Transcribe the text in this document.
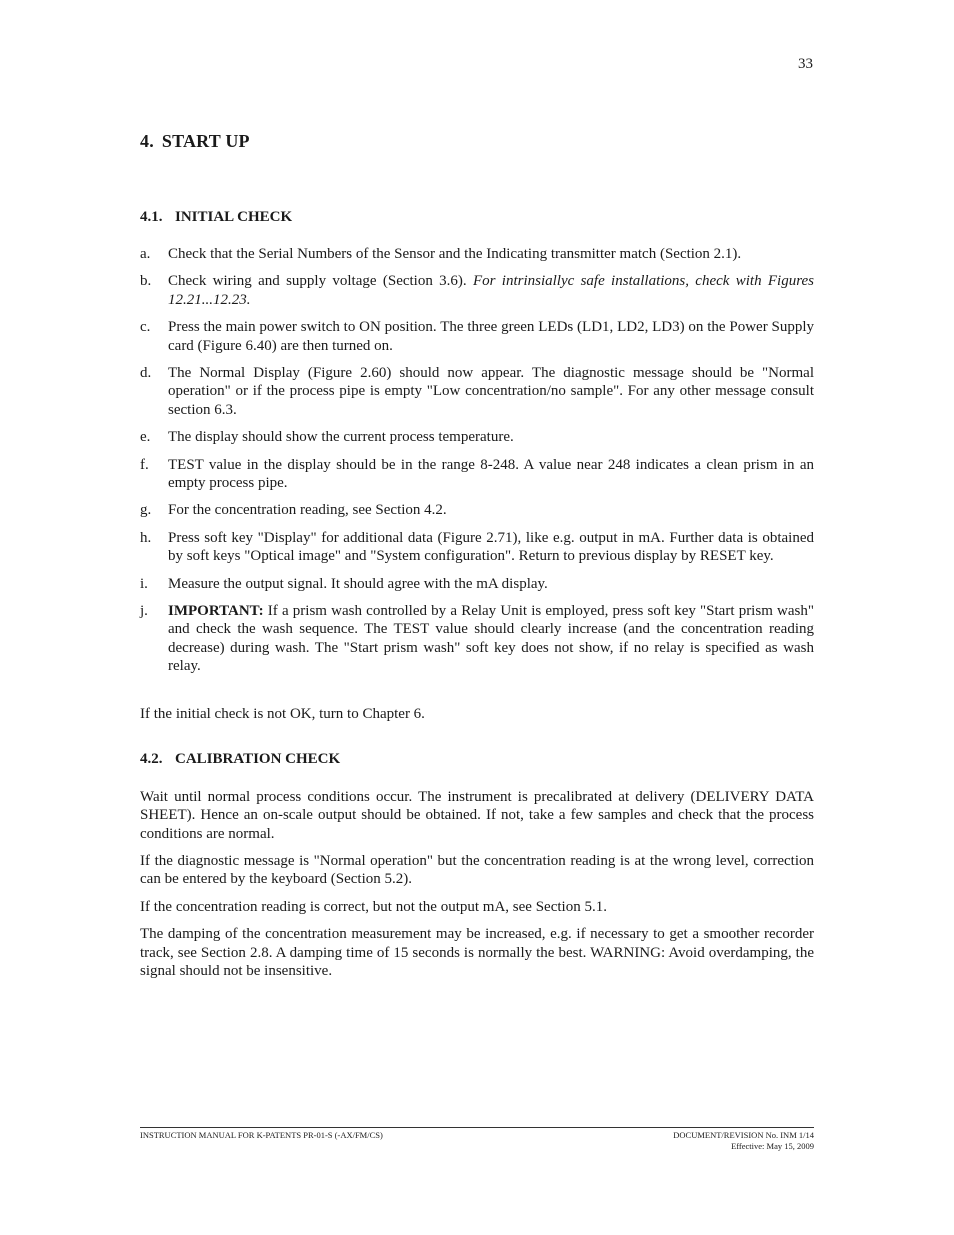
33
4. START UP
4.1. INITIAL CHECK
a. Check that the Serial Numbers of the Sensor and the Indicating transmitter match (Section 2.1).
b. Check wiring and supply voltage (Section 3.6). For intrinsiallyc safe installations, check with Figures 12.21...12.23.
c. Press the main power switch to ON position. The three green LEDs (LD1, LD2, LD3) on the Power Supply card (Figure 6.40) are then turned on.
d. The Normal Display (Figure 2.60) should now appear. The diagnostic message should be "Normal operation" or if the process pipe is empty "Low concentration/no sample". For any other message consult section 6.3.
e. The display should show the current process temperature.
f. TEST value in the display should be in the range 8-248. A value near 248 indicates a clean prism in an empty process pipe.
g. For the concentration reading, see Section 4.2.
h. Press soft key "Display" for additional data (Figure 2.71), like e.g. output in mA. Further data is obtained by soft keys "Optical image" and "System configuration". Return to previous display by RESET key.
i. Measure the output signal. It should agree with the mA display.
j. IMPORTANT: If a prism wash controlled by a Relay Unit is employed, press soft key "Start prism wash" and check the wash sequence. The TEST value should clearly increase (and the concentration reading decrease) during wash. The "Start prism wash" soft key does not show, if no relay is specified as wash relay.

If the initial check is not OK, turn to Chapter 6.

4.2. CALIBRATION CHECK

Wait until normal process conditions occur. The instrument is precalibrated at delivery (DELIVERY DATA SHEET). Hence an on-scale output should be obtained. If not, take a few samples and check that the process conditions are normal.

If the diagnostic message is "Normal operation" but the concentration reading is at the wrong level, correction can be entered by the keyboard (Section 5.2).

If the concentration reading is correct, but not the output mA, see Section 5.1.

The damping of the concentration measurement may be increased, e.g. if necessary to get a smoother recorder track, see Section 2.8. A damping time of 15 seconds is normally the best. WARNING: Avoid overdamping, the signal should not be insensitive.

INSTRUCTION MANUAL FOR K-PATENTS PR-01-S (-AX/FM/CS)	DOCUMENT/REVISION No. INM 1/14
Effective: May 15, 2009
